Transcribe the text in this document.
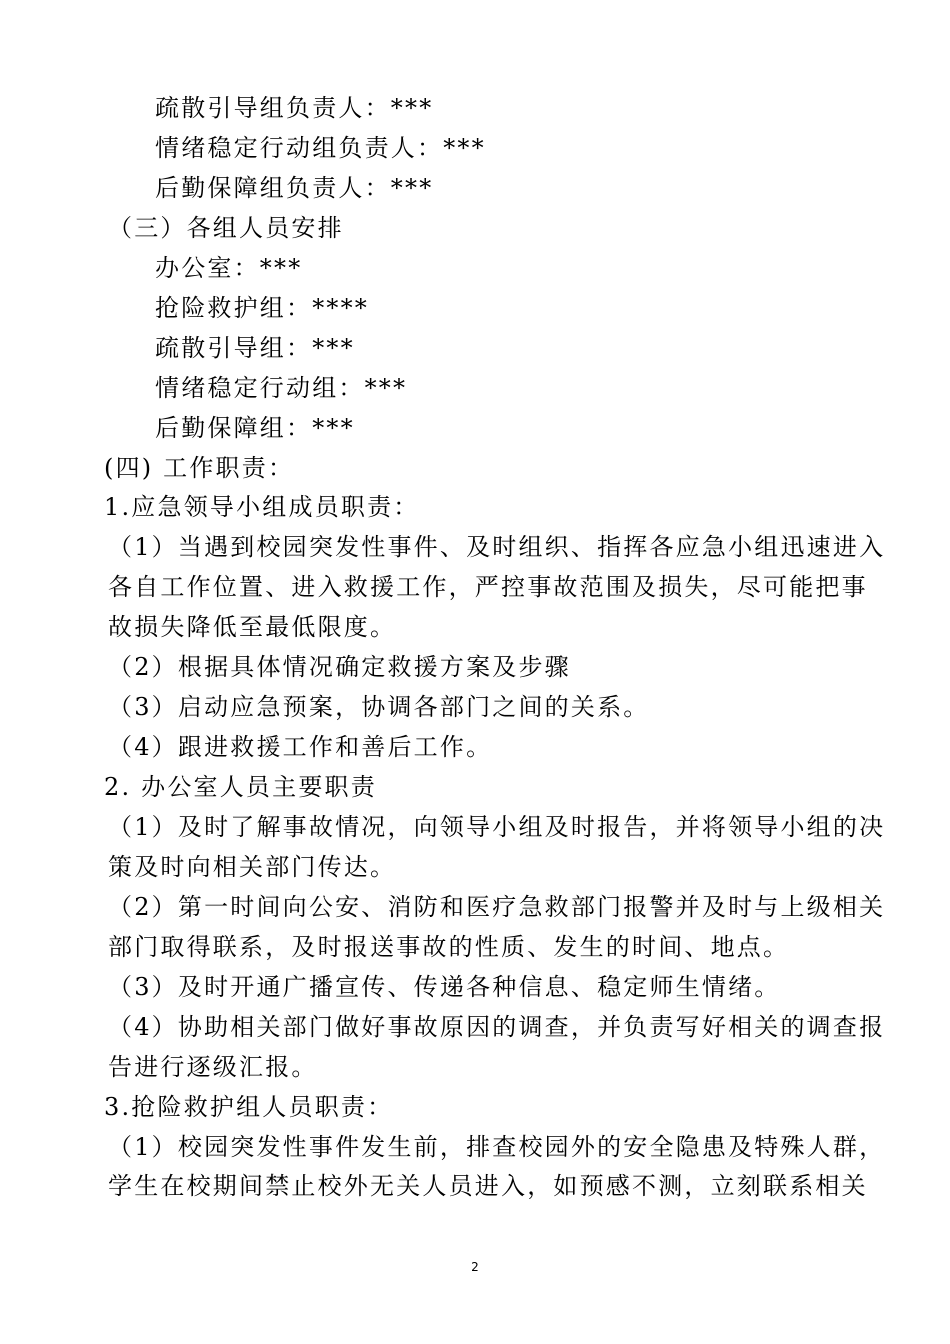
疏散引导组负责人：***
情绪稳定行动组负责人：***
后勤保障组负责人：***
（三）各组人员安排
办公室：***
抢险救护组：****
疏散引导组：***
情绪稳定行动组：***
后勤保障组：***
(四) 工作职责：
1.应急领导小组成员职责：
（1）当遇到校园突发性事件、及时组织、指挥各应急小组迅速进入
各自工作位置、进入救援工作，严控事故范围及损失，尽可能把事
故损失降低至最低限度。
（2）根据具体情况确定救援方案及步骤
（3）启动应急预案，协调各部门之间的关系。
（4）跟进救援工作和善后工作。
2. 办公室人员主要职责
（1）及时了解事故情况，向领导小组及时报告，并将领导小组的决
策及时向相关部门传达。
（2）第一时间向公安、消防和医疗急救部门报警并及时与上级相关
部门取得联系，及时报送事故的性质、发生的时间、地点。
（3）及时开通广播宣传、传递各种信息、稳定师生情绪。
（4）协助相关部门做好事故原因的调查，并负责写好相关的调查报
告进行逐级汇报。
3.抢险救护组人员职责：
（1）校园突发性事件发生前，排查校园外的安全隐患及特殊人群，
学生在校期间禁止校外无关人员进入，如预感不测，立刻联系相关
2
